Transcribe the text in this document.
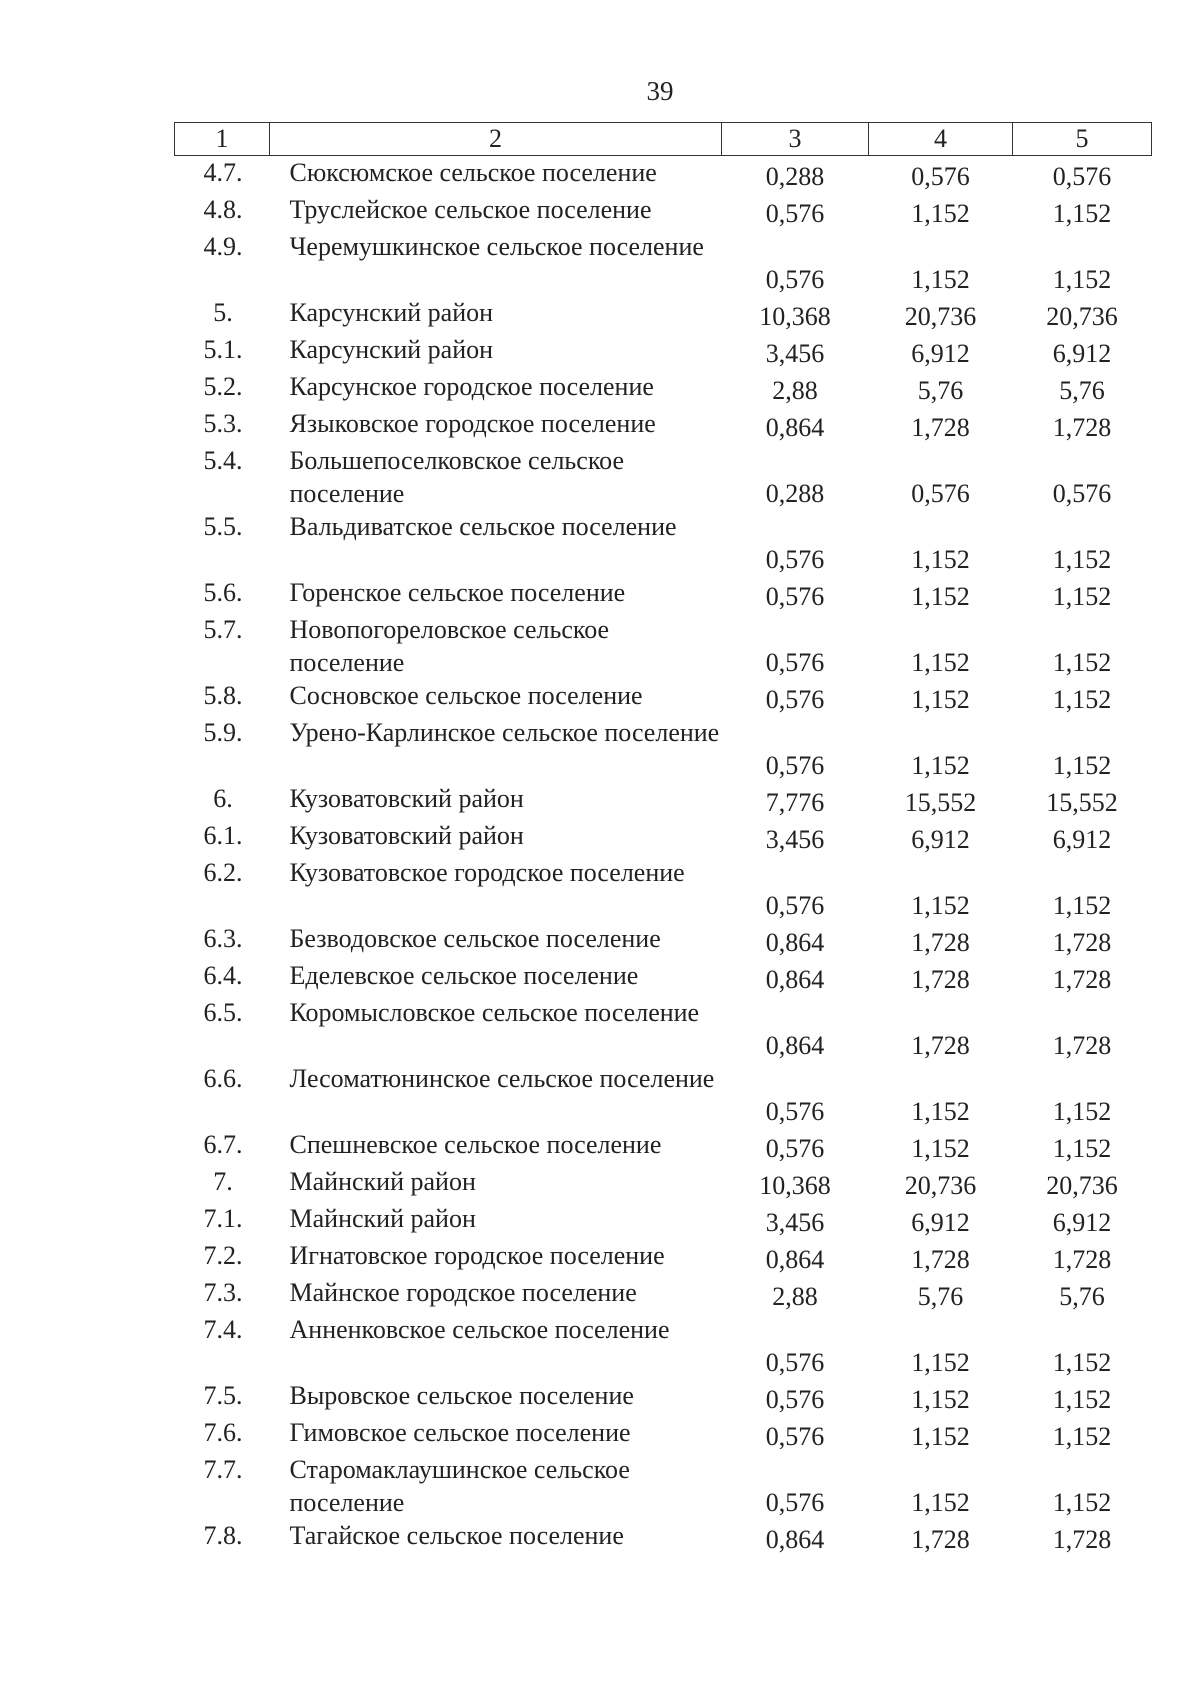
39
1	2	3	4	5
4.7.	Сюксюмское сельское поселение	0,288	0,576	0,576
4.8.	Труслейское сельское поселение	0,576	1,152	1,152
4.9.	Черемушкинское сельское поселение	0,576	1,152	1,152
5.	Карсунский район	10,368	20,736	20,736
5.1.	Карсунский район	3,456	6,912	6,912
5.2.	Карсунское городское поселение	2,88	5,76	5,76
5.3.	Языковское городское поселение	0,864	1,728	1,728
5.4.	Большепоселковское сельское поселение	0,288	0,576	0,576
5.5.	Вальдиватское сельское поселение	0,576	1,152	1,152
5.6.	Горенское сельское поселение	0,576	1,152	1,152
5.7.	Новопогореловское сельское поселение	0,576	1,152	1,152
5.8.	Сосновское сельское поселение	0,576	1,152	1,152
5.9.	Урено-Карлинское сельское поселение	0,576	1,152	1,152
6.	Кузоватовский район	7,776	15,552	15,552
6.1.	Кузоватовский район	3,456	6,912	6,912
6.2.	Кузоватовское городское поселение	0,576	1,152	1,152
6.3.	Безводовское сельское поселение	0,864	1,728	1,728
6.4.	Еделевское сельское поселение	0,864	1,728	1,728
6.5.	Коромысловское сельское поселение	0,864	1,728	1,728
6.6.	Лесоматюнинское сельское поселение	0,576	1,152	1,152
6.7.	Спешневское сельское поселение	0,576	1,152	1,152
7.	Майнский район	10,368	20,736	20,736
7.1.	Майнский район	3,456	6,912	6,912
7.2.	Игнатовское городское поселение	0,864	1,728	1,728
7.3.	Майнское городское поселение	2,88	5,76	5,76
7.4.	Анненковское сельское поселение	0,576	1,152	1,152
7.5.	Выровское сельское поселение	0,576	1,152	1,152
7.6.	Гимовское сельское поселение	0,576	1,152	1,152
7.7.	Старомаклаушинское сельское поселение	0,576	1,152	1,152
7.8.	Тагайское сельское поселение	0,864	1,728	1,728
